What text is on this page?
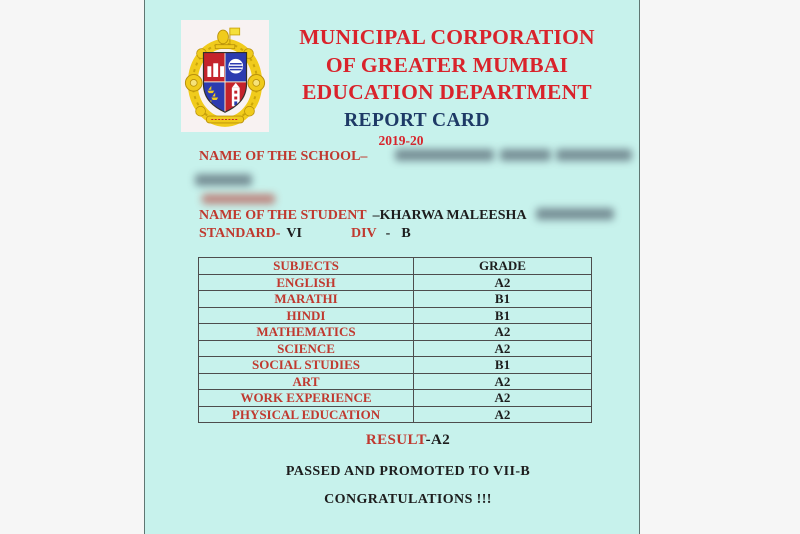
MUNICIPAL CORPORATION
OF GREATER MUMBAI
EDUCATION DEPARTMENT
REPORT CARD
2019-20
NAME OF THE SCHOOL–
NAME OF THE STUDENT –KHARWA MALEESHA
STANDARD- VI	DIV - B
SUBJECTS	GRADE
ENGLISH	A2
MARATHI	B1
HINDI	B1
MATHEMATICS	A2
SCIENCE	A2
SOCIAL STUDIES	B1
ART	A2
WORK EXPERIENCE	A2
PHYSICAL EDUCATION	A2
RESULT-A2
PASSED AND PROMOTED TO VII-B
CONGRATULATIONS !!!
